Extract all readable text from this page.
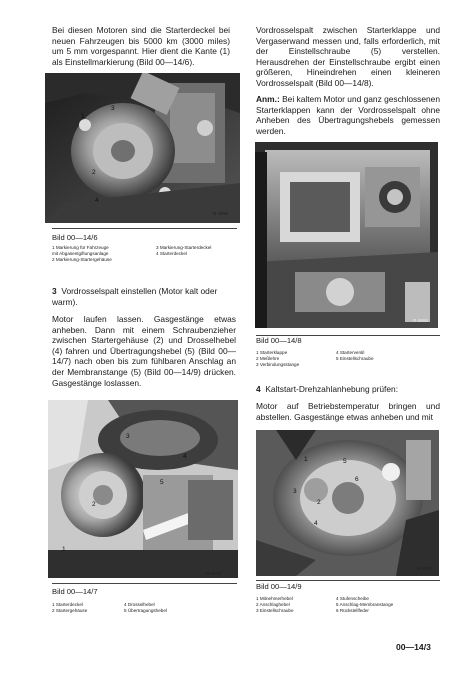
Bei diesen Motoren sind die Starterdeckel bei neuen Fahrzeugen bis 5000 km (3000 miles) um 5 mm vorgespannt. Hier dient die Kante (1) als Einstellmarkierung (Bild 00—14/6).

R-3696
1
2
3
4

Bild 00—14/6

1 Markierung für Fahrzeuge
mit Abgasentgiftungsanlage
2 Markierung-Startergehäuse
3 Markierung-Starterdeckel
4 Starterdeckel

3 Vordrosselspalt einstellen (Motor kalt oder warm).

Motor laufen lassen. Gasgestänge etwas anheben. Dann mit einem Schraubenzieher zwischen Startergehäuse (2) und Drosselhebel (4) fahren und Übertragungshebel (5) (Bild 00—14/7) nach oben bis zum fühlbaren Anschlag an der Membranstange (5) (Bild 00—14/9) drücken. Gasgestänge loslassen.

1
2
3
4
5
R-3219

Bild 00—14/7

1 Starterdeckel
2 Startergehäuse
4 Drosselhebel
5 Übertragungshebel

Vordrosselspalt zwischen Starterklappe und Vergaserwand messen und, falls erforderlich, mit der Einstellschraube (5) verstellen. Herausdrehen der Einstellschraube ergibt einen größeren, Hineindrehen einen kleineren Vordrosselspalt (Bild 00—14/8).

Anm.: Bei kaltem Motor und ganz geschlossenen Starterklappen kann der Vordrosselspalt ohne Anheben des Übertragungshebels gemessen werden.

R-3692

Bild 00—14/8

1 Starterklappe
2 Meßlehre
3 Verbindungsstange
4 Starterventil
5 Einstellschraube

4 Kaltstart-Drehzahlanhebung prüfen:

Motor auf Betriebstemperatur bringen und abstellen. Gasgestänge etwas anheben und mit

1
2
3
4
5
6
R-3697

Bild 00—14/9

1 Mitnehmerhebel
2 Anschlaghebel
3 Einstellschraube
4 Stufenscheibe
5 Anschlag-Membranstange
6 Rückstellfeder
00—14/3
